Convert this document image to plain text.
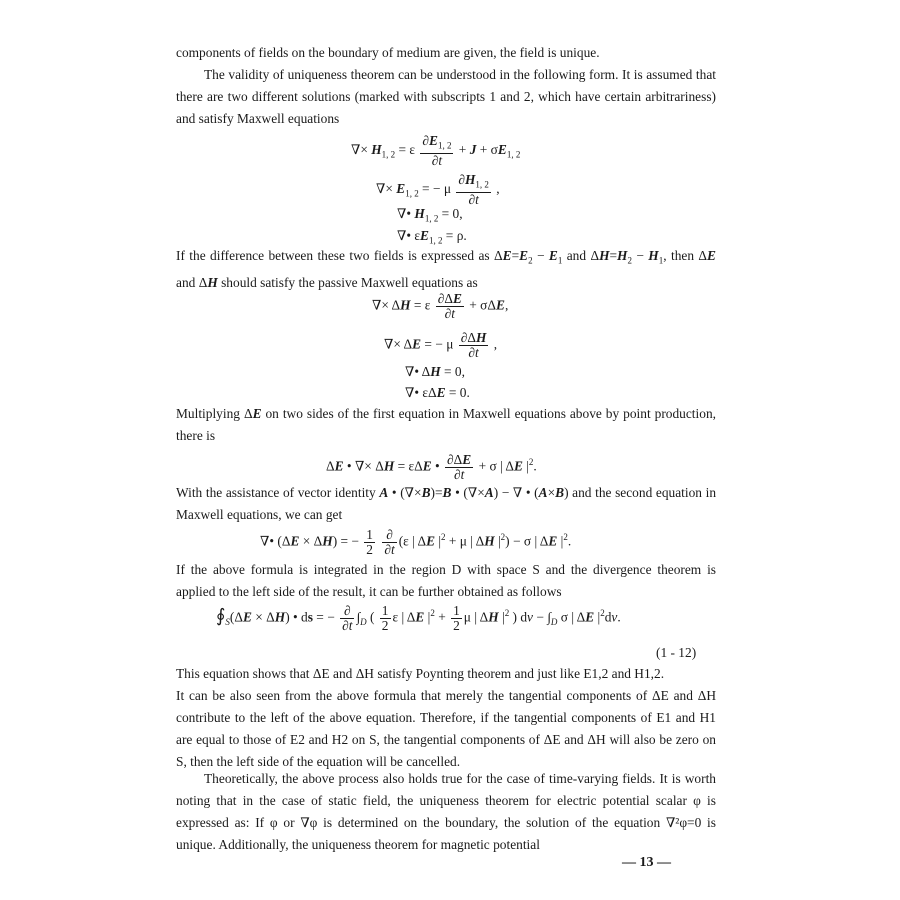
components of fields on the boundary of medium are given, the field is unique.

The validity of uniqueness theorem can be understood in the following form. It is assumed that there are two different solutions (marked with subscripts 1 and 2, which have certain arbitrariness) and satisfy Maxwell equations

∇× $H_{1, 2} = \varepsilon \frac{\partial E_{1, 2}}{\partial t} + J + \sigma E_{1, 2}$
∇× $E_{1, 2}$ = − μ $\frac{\partial H_{1, 2}}{\partial t}$ ,
∇• $H_{1, 2} = 0$,
∇• $\varepsilon E_{1, 2} = \rho$.

If the difference between these two fields is expressed as $\Delta E=E_2 - E_1$ and $\Delta H=H_2 - H_1$, then ΔE and ΔH should satisfy the passive Maxwell equations as

∇× ΔH = ε $\frac{\partial\Delta E}{\partial t} + \sigma\Delta E$,
∇× ΔE = − μ $\frac{\partial\Delta H}{\partial t}$ ,
∇• ΔH = 0,
∇• εΔE = 0.

Multiplying ΔE on two sides of the first equation in Maxwell equations above by point production, there is

ΔE • ∇× ΔH = εΔE • $\frac{\partial\Delta E}{\partial t} + \sigma$ | ΔE $|^2$.

With the assistance of vector identity A • (∇×B)=B • (∇×A) − ∇ • (A×B) and the second equation in Maxwell equations, we can get

∇• (ΔE × ΔH) = − $\frac{1}{2}$
$\frac{\partial}{\partial t} (\varepsilon$ | ΔE $|^2 + \mu$ | ΔH $|^2) - \sigma$ | ΔE $|^2$.

If the above formula is integrated in the region D with space S and the divergence theorem is applied to the left side of the result, it can be further obtained as follows

$∮_S(\Delta E \times \Delta H)$ • ds = − $\frac{\partial}{\partial t} \int_D$ ( $\frac{1}{2}$ ε | ΔE $|^2 + \frac{1}{2}$ μ | ΔH $|^2$ ) dv − $\int_D$ σ | ΔE $|^2dv$.
(1 - 12)

This equation shows that ΔE and ΔH satisfy Poynting theorem and just like E1,2 and H1,2.

It can be also seen from the above formula that merely the tangential components of ΔE and ΔH contribute to the left of the above equation. Therefore, if the tangential components of E1 and H1 are equal to those of E2 and H2 on S, the tangential components of ΔE and ΔH will also be zero on S, then the left side of the equation will be cancelled.

Theoretically, the above process also holds true for the case of time-varying fields. It is worth noting that in the case of static field, the uniqueness theorem for electric potential scalar φ is expressed as: If φ or ∇φ is determined on the boundary, the solution of the equation ∇²φ=0 is unique. Additionally, the uniqueness theorem for magnetic potential

— 13 —
